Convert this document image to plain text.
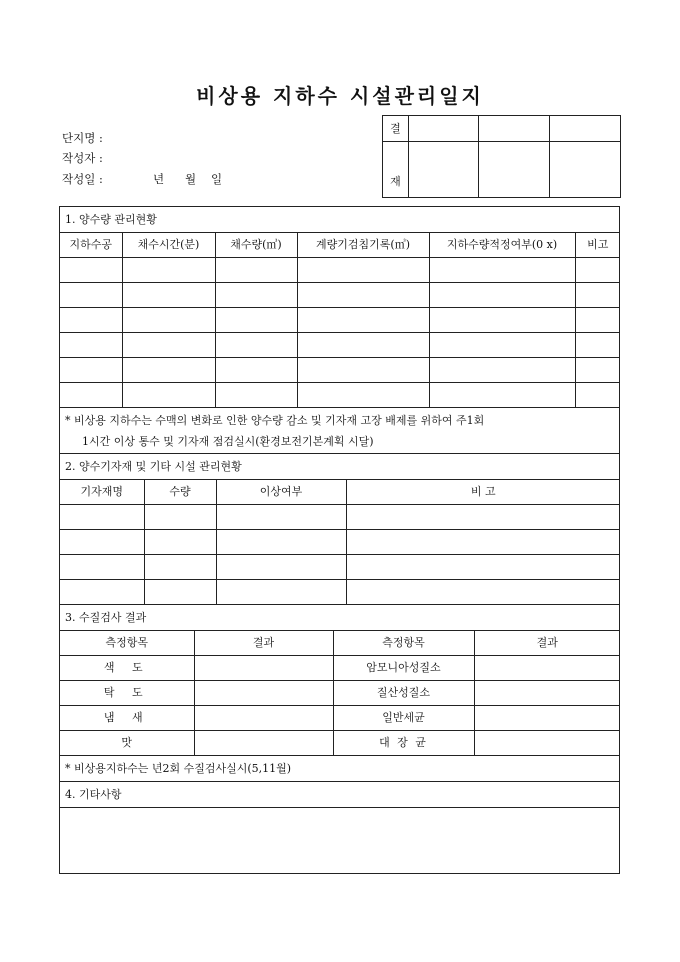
비상용 지하수 시설관리일지
단지명 :
작성자 :
작성일 :	년 월 일
결			
재			
1. 양수량 관리현황

지하수공	채수시간(분)	채수량(㎥)	계량기검침기록(㎥)	지하수량적정여부(0 x)	비고

* 비상용 지하수는 수맥의 변화로 인한 양수량 감소 및 기자재 고장 배제를 위하여 주1회
1시간 이상 통수 및 기자재 점검실시(환경보전기본계획 시달)

2. 양수기자재 및 기타 시설 관리현황

기자재명	수량	이상여부	비 고

3. 수질검사 결과

측정항목	결과	측정항목	결과
색 도		암모니아성질소	
탁 도		질산성질소	
냄 새		일반세균	
맛		대 장 균	

* 비상용지하수는 년2회 수질검사실시(5,11월)
4. 기타사항
